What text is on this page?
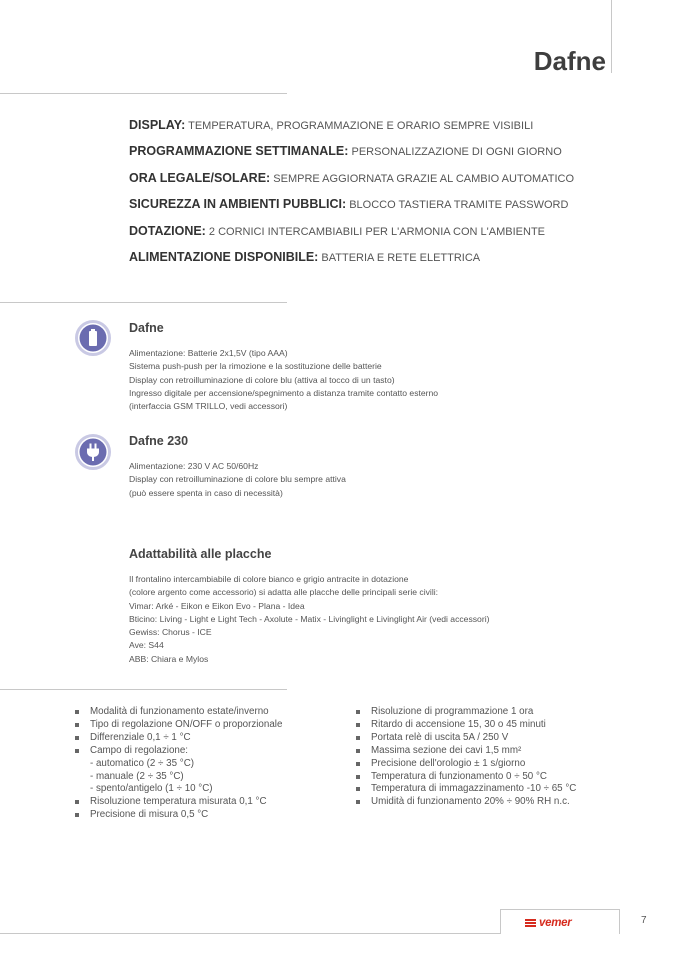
Dafne
DISPLAY: TEMPERATURA, PROGRAMMAZIONE E ORARIO SEMPRE VISIBILI
PROGRAMMAZIONE SETTIMANALE: PERSONALIZZAZIONE DI OGNI GIORNO
ORA LEGALE/SOLARE: SEMPRE AGGIORNATA GRAZIE AL CAMBIO AUTOMATICO
SICUREZZA IN AMBIENTI PUBBLICI: BLOCCO TASTIERA TRAMITE PASSWORD
DOTAZIONE: 2 CORNICI INTERCAMBIABILI PER L'ARMONIA CON L'AMBIENTE
ALIMENTAZIONE DISPONIBILE: BATTERIA E RETE ELETTRICA
Dafne
Alimentazione: Batterie 2x1,5V (tipo AAA)
Sistema push-push per la rimozione e la sostituzione delle batterie
Display con retroilluminazione di colore blu (attiva al tocco di un tasto)
Ingresso digitale per accensione/spegnimento a distanza tramite contatto esterno
(interfaccia GSM TRILLO, vedi accessori)
Dafne 230
Alimentazione: 230 V AC 50/60Hz
Display con retroilluminazione di colore blu sempre attiva
(può essere spenta in caso di necessità)
Adattabilità alle placche
Il frontalino intercambiabile di colore bianco e grigio antracite in dotazione
(colore argento come accessorio) si adatta alle placche delle principali serie civili:
Vimar: Arké - Eikon e Eikon Evo - Plana - Idea
Bticino: Living - Light e Light Tech - Axolute - Matix - Livinglight e Livinglight Air (vedi accessori)
Gewiss: Chorus - ICE
Ave: S44
ABB: Chiara e Mylos
Modalità di funzionamento estate/inverno
Tipo di regolazione ON/OFF o proporzionale
Differenziale 0,1 ÷ 1 °C
Campo di regolazione:
- automatico (2 ÷ 35 °C)
- manuale (2 ÷ 35 °C)
- spento/antigelo (1 ÷ 10 °C)
Risoluzione temperatura misurata 0,1 °C
Precisione di misura 0,5 °C
Risoluzione di programmazione 1 ora
Ritardo di accensione 15, 30 o 45 minuti
Portata relè di uscita 5A / 250 V
Massima sezione dei cavi 1,5 mm²
Precisione dell'orologio ± 1 s/giorno
Temperatura di funzionamento 0 ÷ 50 °C
Temperatura di immagazzinamento -10 ÷ 65 °C
Umidità di funzionamento 20% ÷ 90% RH n.c.
vemer	7
